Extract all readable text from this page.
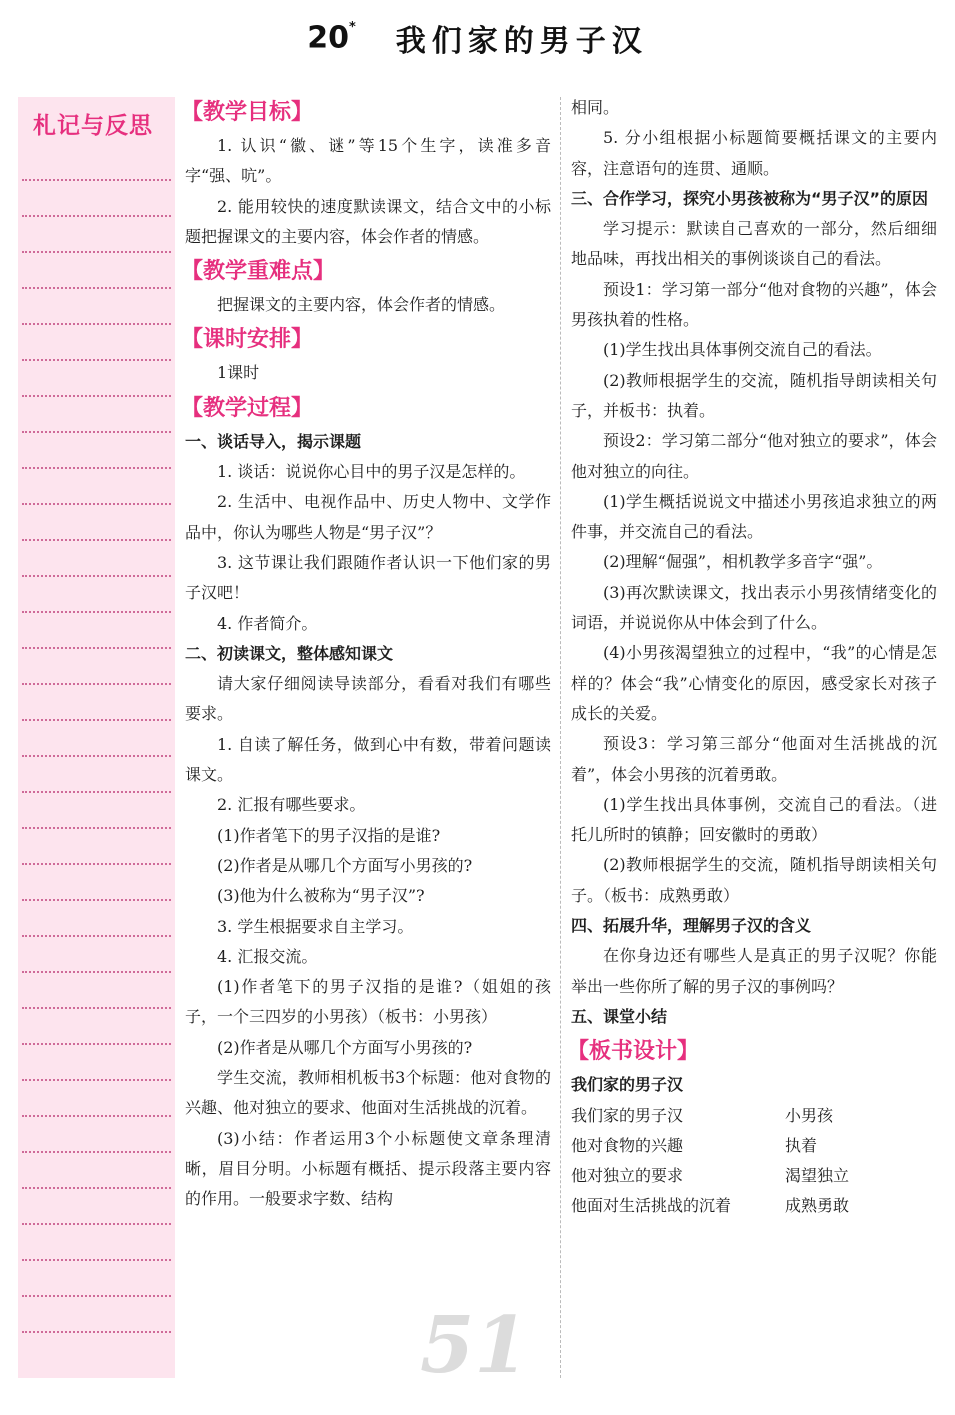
20* 我们家的男子汉
札记与反思
51
【教学目标】

1. 认识“徽、谜”等15个生字，读准多音字“强、吭”。

2. 能用较快的速度默读课文，结合文中的小标题把握课文的主要内容，体会作者的情感。

【教学重难点】

把握课文的主要内容，体会作者的情感。

【课时安排】

1课时

【教学过程】

一、谈话导入，揭示课题

1. 谈话：说说你心目中的男子汉是怎样的。

2. 生活中、电视作品中、历史人物中、文学作品中，你认为哪些人物是“男子汉”？

3. 这节课让我们跟随作者认识一下他们家的男子汉吧！

4. 作者简介。

二、初读课文，整体感知课文

请大家仔细阅读导读部分，看看对我们有哪些要求。

1. 自读了解任务，做到心中有数，带着问题读课文。

2. 汇报有哪些要求。

(1)作者笔下的男子汉指的是谁?

(2)作者是从哪几个方面写小男孩的?

(3)他为什么被称为“男子汉”?

3. 学生根据要求自主学习。

4. 汇报交流。

(1)作者笔下的男子汉指的是谁?（姐姐的孩子，一个三四岁的小男孩）（板书：小男孩）

(2)作者是从哪几个方面写小男孩的?

学生交流，教师相机板书3个标题：他对食物的兴趣、他对独立的要求、他面对生活挑战的沉着。

(3)小结：作者运用3个小标题使文章条理清晰，眉目分明。小标题有概括、提示段落主要内容的作用。一般要求字数、结构

相同。

5. 分小组根据小标题简要概括课文的主要内容，注意语句的连贯、通顺。

三、合作学习，探究小男孩被称为“男子汉”的原因

学习提示：默读自己喜欢的一部分，然后细细地品味，再找出相关的事例谈谈自己的看法。

预设1：学习第一部分“他对食物的兴趣”，体会男孩执着的性格。

(1)学生找出具体事例交流自己的看法。

(2)教师根据学生的交流，随机指导朗读相关句子，并板书：执着。

预设2：学习第二部分“他对独立的要求”，体会他对独立的向往。

(1)学生概括说说文中描述小男孩追求独立的两件事，并交流自己的看法。

(2)理解“倔强”，相机教学多音字“强”。

(3)再次默读课文，找出表示小男孩情绪变化的词语，并说说你从中体会到了什么。

(4)小男孩渴望独立的过程中，“我”的心情是怎样的？体会“我”心情变化的原因，感受家长对孩子成长的关爱。

预设3：学习第三部分“他面对生活挑战的沉着”，体会小男孩的沉着勇敢。

(1)学生找出具体事例，交流自己的看法。（进托儿所时的镇静；回安徽时的勇敢）

(2)教师根据学生的交流，随机指导朗读相关句子。（板书：成熟勇敢）

四、拓展升华，理解男子汉的含义

在你身边还有哪些人是真正的男子汉呢？你能举出一些你所了解的男子汉的事例吗？

五、课堂小结

【板书设计】

我们家的男子汉

我们家的男子汉	小男孩
他对食物的兴趣	执着
他对独立的要求	渴望独立
他面对生活挑战的沉着	成熟勇敢
